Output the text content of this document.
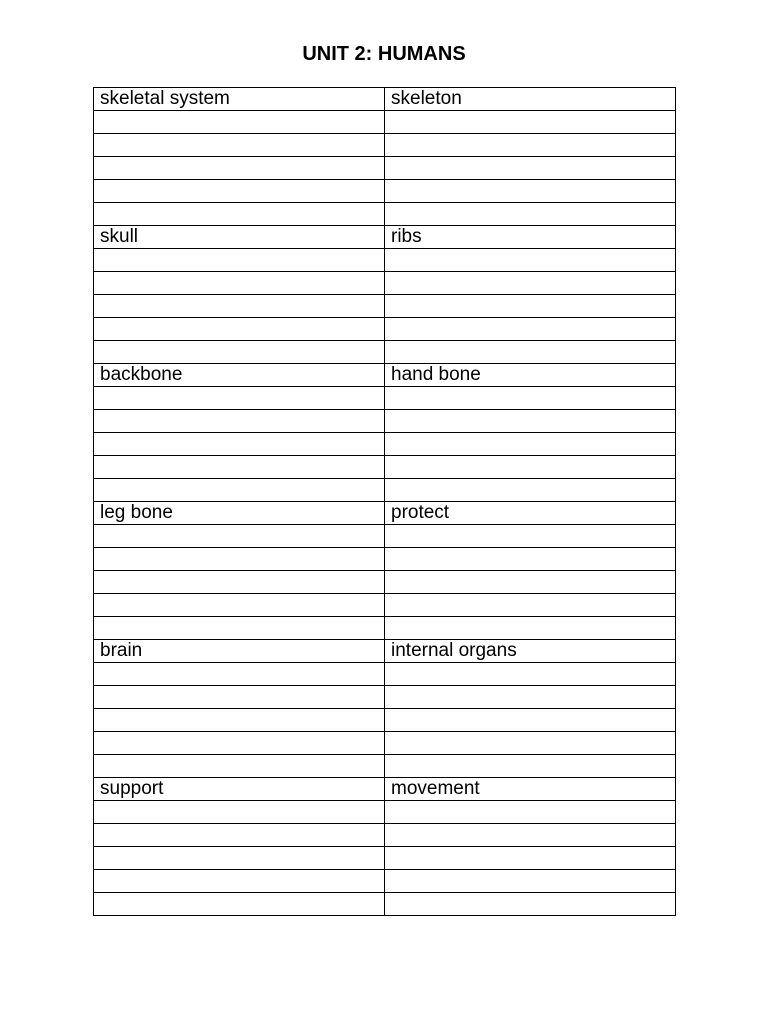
UNIT 2: HUMANS
skeletal system	skeleton

skull	ribs

backbone	hand bone

leg bone	protect

brain	internal organs

support	movement
